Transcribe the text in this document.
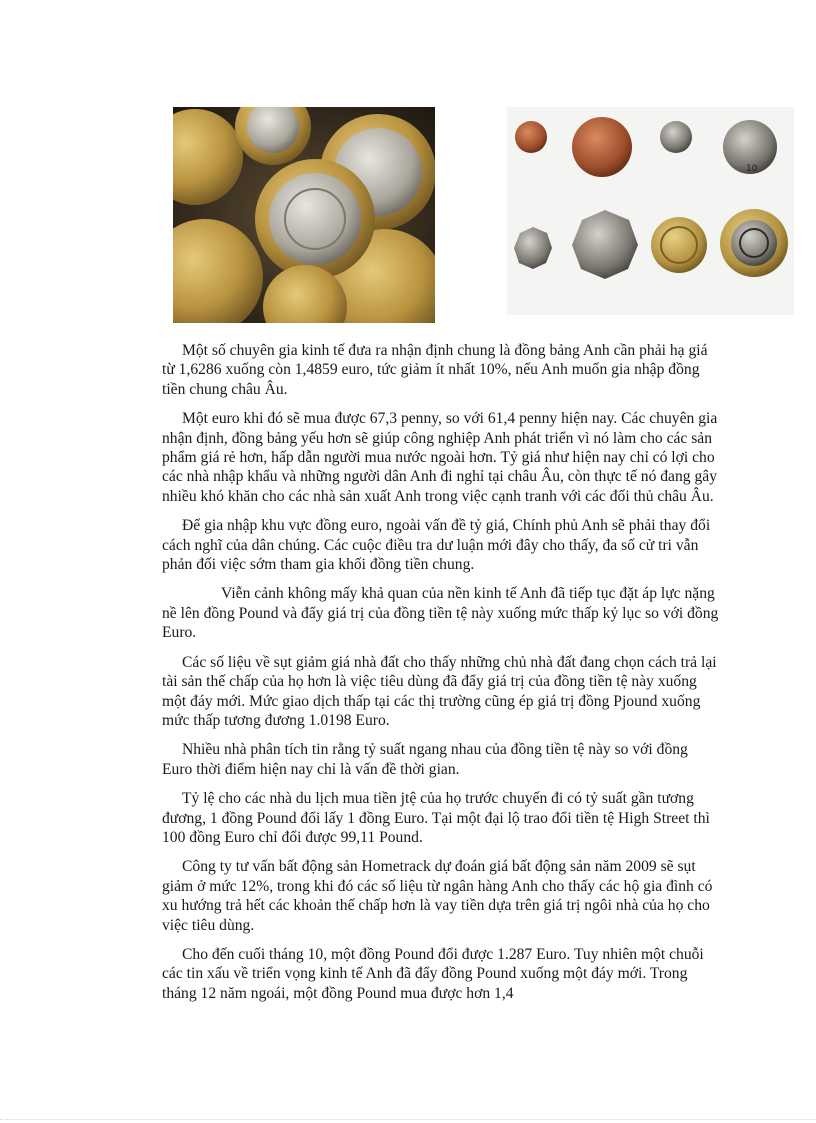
10

Một số chuyên gia kinh tế đưa ra nhận định chung là đồng bảng Anh cần phải hạ giá từ 1,6286 xuống còn 1,4859 euro, tức giảm ít nhất 10%, nếu Anh muốn gia nhập đồng tiền chung châu Âu.

Một euro khi đó sẽ mua được 67,3 penny, so với 61,4 penny hiện nay. Các chuyên gia nhận định, đồng bảng yếu hơn sẽ giúp công nghiệp Anh phát triển vì nó làm cho các sản phẩm giá rẻ hơn, hấp dẫn người mua nước ngoài hơn. Tỷ giá như hiện nay chỉ có lợi cho các nhà nhập khẩu và những người dân Anh đi nghỉ tại châu Âu, còn thực tế nó đang gây nhiều khó khăn cho các nhà sản xuất Anh trong việc cạnh tranh với các đối thủ châu Âu.

Để gia nhập khu vực đồng euro, ngoài vấn đề tỷ giá, Chính phủ Anh sẽ phải thay đổi cách nghĩ của dân chúng. Các cuộc điều tra dư luận mới đây cho thấy, đa số cử tri vẫn phản đối việc sớm tham gia khối đồng tiền chung.

Viễn cảnh không mấy khả quan của nền kinh tế Anh đã tiếp tục đặt áp lực nặng nề lên đồng Pound và đẩy giá trị của đồng tiền tệ này xuống mức thấp kỷ lục so với đồng Euro.

Các số liệu về sụt giảm giá nhà đất cho thấy những chủ nhà đất đang chọn cách trả lại tài sản thế chấp của họ hơn là việc tiêu dùng đã đẩy giá trị của đồng tiền tệ này xuống một đáy mới. Mức giao dịch thấp tại các thị trường cũng ép giá trị đồng Pjound xuống mức thấp tương đương 1.0198 Euro.

Nhiều nhà phân tích tin rằng tỷ suất ngang nhau của đồng tiền tệ này so với đồng Euro thời điểm hiện nay chỉ là vấn đề thời gian.

Tỷ lệ cho các nhà du lịch mua tiền jtệ của họ trước chuyến đi có tỷ suất gần tương đương, 1 đồng Pound đổi lấy 1 đồng Euro. Tại một đại lộ trao đổi tiền tệ High Street thì 100 đồng Euro chỉ đổi được 99,11 Pound.

Công ty tư vấn bất động sản Hometrack dự đoán giá bất động sản năm 2009 sẽ sụt giảm ở mức 12%, trong khi đó các số liệu từ ngân hàng Anh cho thấy các hộ gia đình có xu hướng trả hết các khoản thế chấp hơn là vay tiền dựa trên giá trị ngôi nhà của họ cho việc tiêu dùng.

Cho đến cuối tháng 10, một đồng Pound đổi được 1.287 Euro. Tuy nhiên một chuỗi các tin xấu về triển vọng kinh tế Anh đã đẩy đồng Pound xuống một đáy mới. Trong tháng 12 năm ngoái, một đồng Pound mua được hơn 1,4
